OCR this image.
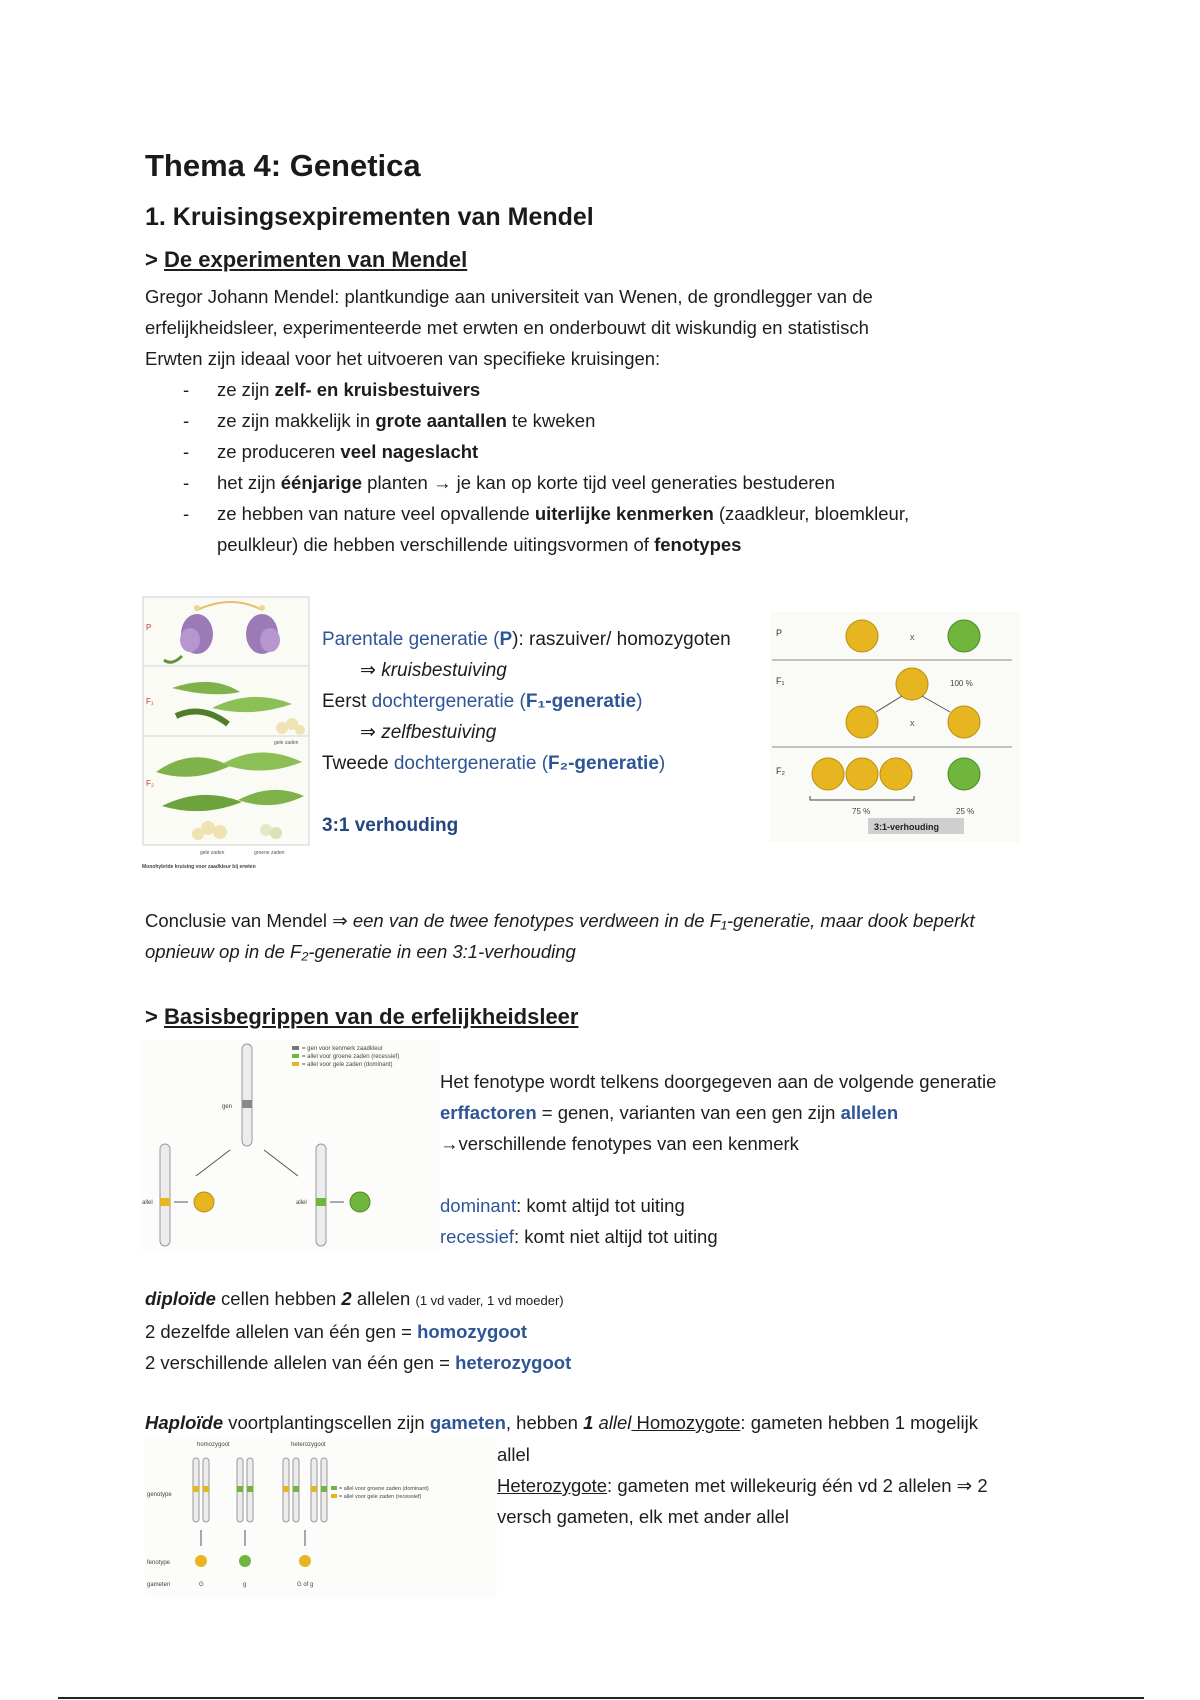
Thema 4: Genetica
1. Kruisingsexpirementen van Mendel
> De experimenten van Mendel
Gregor Johann Mendel: plantkundige aan universiteit van Wenen, de grondlegger van de
erfelijkheidsleer, experimenteerde met erwten en onderbouwt dit wiskundig en statistisch
Erwten zijn ideaal voor het uitvoeren van specifieke kruisingen:
- ze zijn zelf- en kruisbestuivers
- ze zijn makkelijk in grote aantallen te kweken
- ze produceren veel nageslacht
- het zijn éénjarige planten → je kan op korte tijd veel generaties bestuderen
- ze hebben van nature veel opvallende uiterlijke kenmerken (zaadkleur, bloemkleur,
peulkleur) die hebben verschillende uitingsvormen of fenotypes
P
F₁
F₂
gele zaden
gele zaden	groene zaden
Monohybride kruising voor zaadkleur bij erwten
Parentale generatie (P): raszuiver/ homozygoten
⇒ kruisbestuiving
Eerst dochtergeneratie (F₁-generatie)
⇒ zelfbestuiving
Tweede dochtergeneratie (F₂-generatie)
3:1 verhouding
P	x
F₁	100 %
x
F₂
75 %	25 %
3:1-verhouding
Conclusie van Mendel ⇒ een van de twee fenotypes verdween in de F₁-generatie, maar dook beperkt
opnieuw op in de F₂-generatie in een 3:1-verhouding
> Basisbegrippen van de erfelijkheidsleer
= gen voor kenmerk zaadkleur
= allel voor groene zaden (recessief)
= allel voor gele zaden (dominant)
gen
allel	allel
Het fenotype wordt telkens doorgegeven aan de volgende generatie
erffactoren = genen, varianten van een gen zijn allelen
→verschillende fenotypes van een kenmerk
dominant: komt altijd tot uiting
recessief: komt niet altijd tot uiting
diploïde cellen hebben 2 allelen (1 vd vader, 1 vd moeder)
2 dezelfde allelen van één gen = homozygoot
2 verschillende allelen van één gen = heterozygoot
Haploïde voortplantingscellen zijn gameten, hebben 1 allel Homozygote: gameten hebben 1 mogelijk
allel
Heterozygote: gameten met willekeurig één vd 2 allelen ⇒ 2
versch gameten, elk met ander allel
homozygoot	heterozygoot
genotype
fenotype
gameten
= allel voor groene zaden (dominant)
= allel voor gele zaden (recessief)
G	g	G of g
